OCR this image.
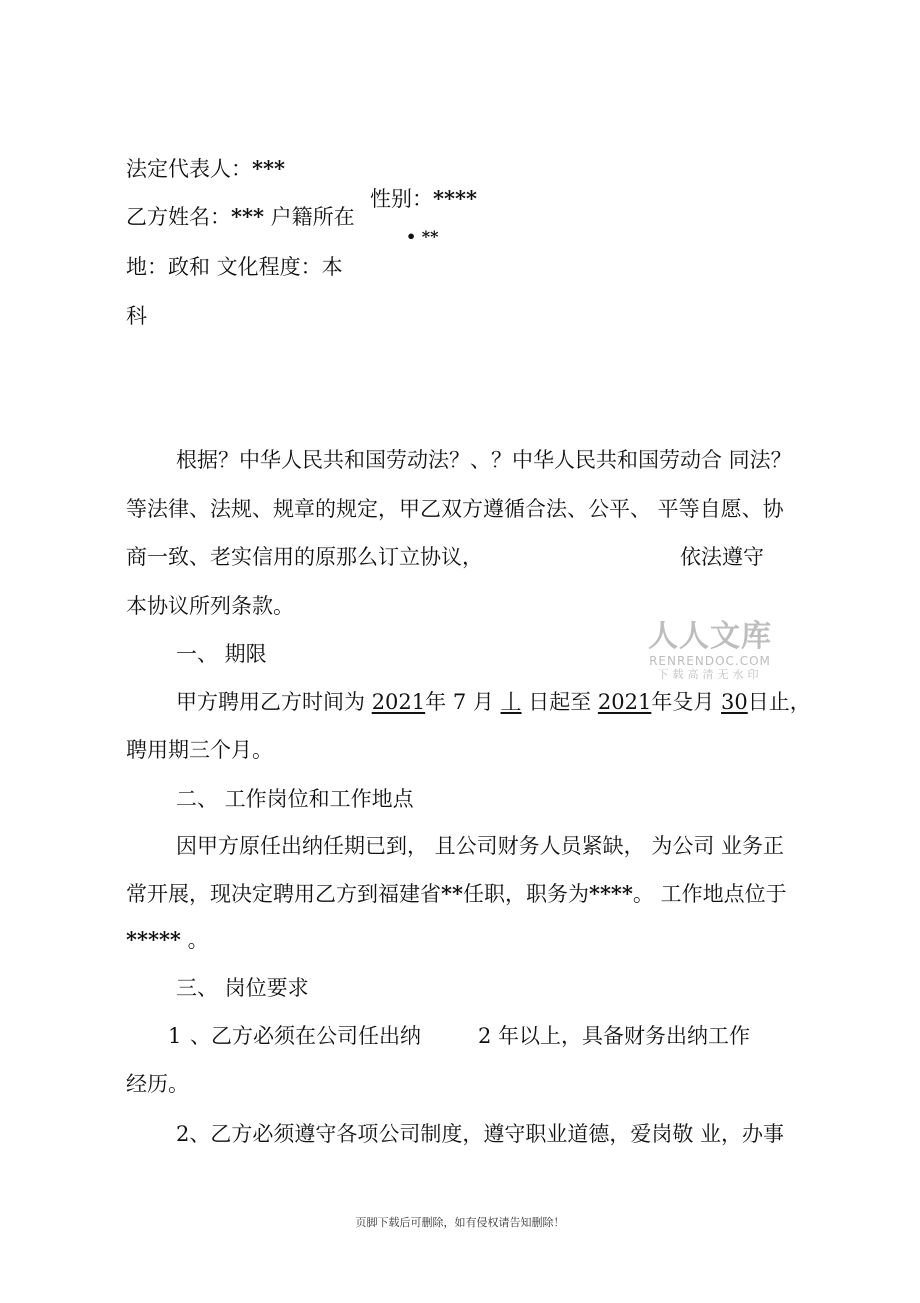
法定代表人：***
乙方姓名：*** 户籍所在
性别：****
• **
地：政和 文化程度：本
科
根据？中华人民共和国劳动法？、？中华人民共和国劳动合 同法？
等法律、法规、规章的规定，甲乙双方遵循合法、公平、 平等自愿、协
商一致、老实信用的原那么订立协议，	依法遵守
本协议所列条款。
人人文库
RENRENDOC.COM
下载高清无水印
一、 期限
甲方聘用乙方时间为 2021年 7 月 丄 日起至 2021年殳月 30日止，
聘用期三个月。
二、 工作岗位和工作地点
因甲方原任出纳任期已到， 且公司财务人员紧缺， 为公司 业务正
常开展，现决定聘用乙方到福建省**任职，职务为****。 工作地点位于
***** 。
三、 岗位要求
1 、乙方必须在公司任出纳	2 年以上，具备财务出纳工作
经历。
2、乙方必须遵守各项公司制度，遵守职业道德，爱岗敬 业，办事
页脚下载后可删除，如有侵权请告知删除！
